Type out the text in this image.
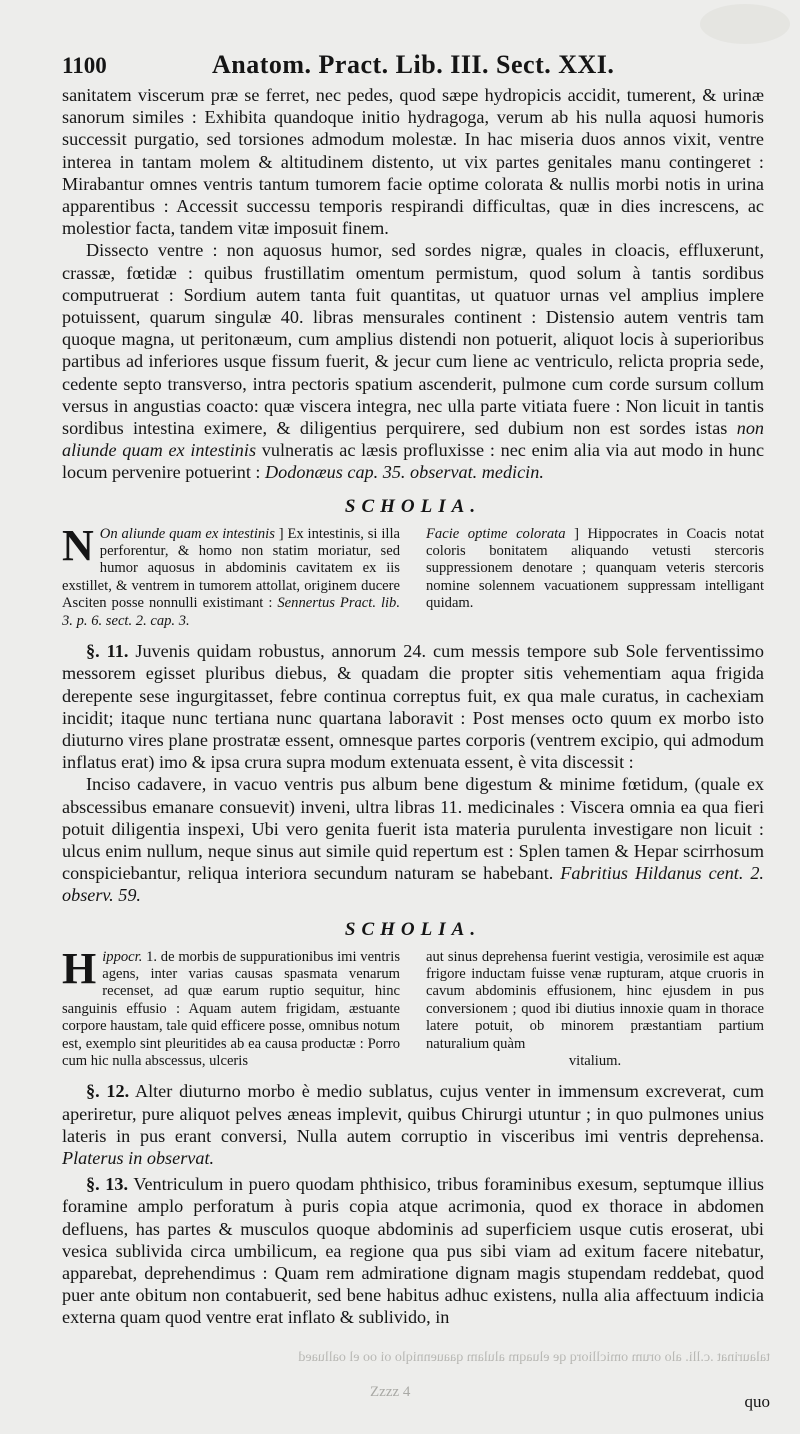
1100	Anatom. Pract. Lib. III. Sect. XXI.

sanitatem viscerum præ se ferret, nec pedes, quod sæpe hydropicis accidit, tumerent, & urinæ sanorum similes : Exhibita quandoque initio hydragoga, verum ab his nulla aquosi humoris successit purgatio, sed torsiones admodum molestæ. In hac miseria duos annos vixit, ventre interea in tantam molem & altitudinem distento, ut vix partes genitales manu contingeret : Mirabantur omnes ventris tantum tumorem facie optime colorata & nullis morbi notis in urina apparentibus : Accessit successu temporis respirandi difficultas, quæ in dies increscens, ac molestior facta, tandem vitæ imposuit finem.

Dissecto ventre : non aquosus humor, sed sordes nigræ, quales in cloacis, effluxerunt, crassæ, fœtidæ : quibus frustillatim omentum permistum, quod solum à tantis sordibus computruerat : Sordium autem tanta fuit quantitas, ut quatuor urnas vel amplius implere potuissent, quarum singulæ 40. libras mensurales continent : Distensio autem ventris tam quoque magna, ut peritonæum, cum amplius distendi non potuerit, aliquot locis à superioribus partibus ad inferiores usque fissum fuerit, & jecur cum liene ac ventriculo, relicta propria sede, cedente septo transverso, intra pectoris spatium ascenderit, pulmone cum corde sursum collum versus in angustias coacto: quæ viscera integra, nec ulla parte vitiata fuere : Non licuit in tantis sordibus intestina eximere, & diligentius perquirere, sed dubium non est sordes istas non aliunde quam ex intestinis vulneratis ac læsis profluxisse : nec enim alia via aut modo in hunc locum pervenire potuerint : Dodonæus cap. 35. observat. medicin.

SCHOLIA.
N On aliunde quam ex intestinis ] Ex intestinis, si illa perforentur, & homo non statim moriatur, sed humor aquosus in abdominis cavitatem ex iis exstillet, & ventrem in tumorem attollat, originem ducere Asciten posse nonnulli existimant : Sennertus Pract. lib. 3. p. 6. sect. 2. cap. 3.
Facie optime colorata ] Hippocrates in Coacis notat coloris bonitatem aliquando vetusti stercoris suppressionem denotare ; quanquam veteris stercoris nomine solennem vacuationem suppressam intelligant quidam.

§. 11. Juvenis quidam robustus, annorum 24. cum messis tempore sub Sole ferventissimo messorem egisset pluribus diebus, & quadam die propter sitis vehementiam aqua frigida derepente sese ingurgitasset, febre continua correptus fuit, ex qua male curatus, in cachexiam incidit; itaque nunc tertiana nunc quartana laboravit : Post menses octo quum ex morbo isto diuturno vires plane prostratæ essent, omnesque partes corporis (ventrem excipio, qui admodum inflatus erat) imo & ipsa crura supra modum extenuata essent, è vita discessit :

Inciso cadavere, in vacuo ventris pus album bene digestum & minime fœtidum, (quale ex abscessibus emanare consuevit) inveni, ultra libras 11. medicinales : Viscera omnia ea qua fieri potuit diligentia inspexi, Ubi vero genita fuerit ista materia purulenta investigare non licuit : ulcus enim nullum, neque sinus aut simile quid repertum est : Splen tamen & Hepar scirrhosum conspiciebantur, reliqua interiora secundum naturam se habebant. Fabritius Hildanus cent. 2. observ. 59.

SCHOLIA.
Hippocr. 1. de morbis de suppurationibus imi ventris agens, inter varias causas spasmata venarum recenset, ad quæ earum ruptio sequitur, hinc sanguinis effusio : Aquam autem frigidam, æstuante corpore haustam, tale quid efficere posse, omnibus notum est, exemplo sint pleuritides ab ea causa productæ : Porro cum hic nulla abscessus, ulceris
aut sinus deprehensa fuerint vestigia, verosimile est aquæ frigore inductam fuisse venæ rupturam, atque cruoris in cavum abdominis effusionem, hinc ejusdem in pus conversionem ; quod ibi diutius innoxie quam in thorace latere potuit, ob minorem præstantiam partium naturalium quàm
vitalium.

§. 12. Alter diuturno morbo è medio sublatus, cujus venter in immensum excreverat, cum aperiretur, pure aliquot pelves æneas implevit, quibus Chirurgi utuntur ; in quo pulmones unius lateris in pus erant conversi, Nulla autem corruptio in visceribus imi ventris deprehensa. Platerus in observat.

§. 13. Ventriculum in puero quodam phthisico, tribus foraminibus exesum, septumque illius foramine amplo perforatum à puris copia atque acrimonia, quod ex thorace in abdomen defluens, has partes & musculos quoque abdominis ad superficiem usque cutis eroserat, ubi vesica sublivida circa umbilicum, ea regione qua pus sibi viam ad exitum facere nitebatur, apparebat, deprehendimus : Quam rem admiratione dignam magis stupendam reddebat, quod puer ante obitum non contabuerit, sed bene habitus adhuc existens, nulla alia affectuum indicia externa quam quod ventre erat inflato & sublivido, in

talaurinat .c.lli. alo orum omiclliorq qe eluaqm alulam qaauenniqlo oi oo el oalluaed
Zzzz 4	quo
